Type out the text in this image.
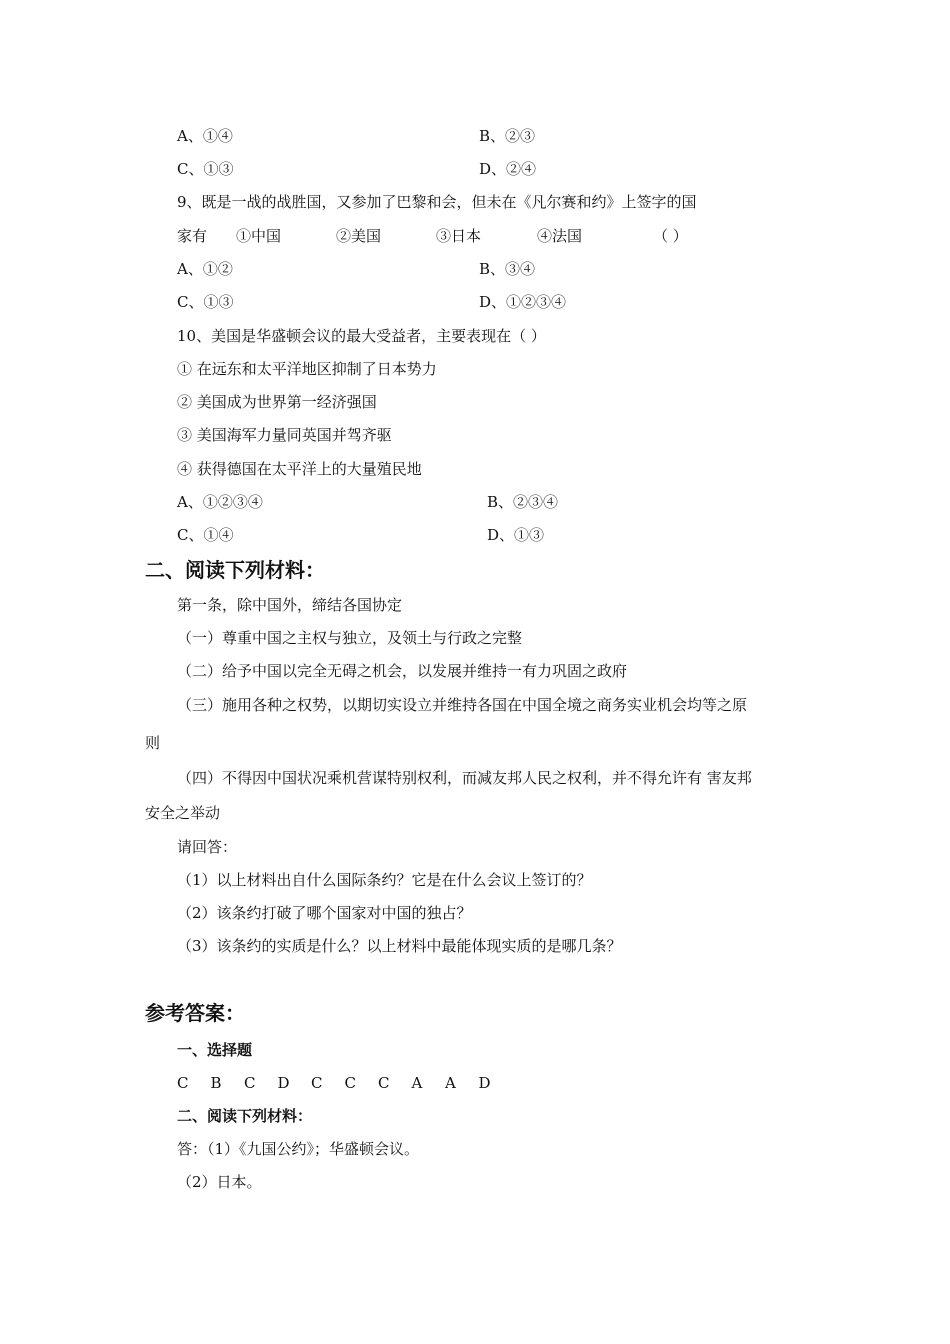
A、①④	B、②③
C、①③	D、②④
9、既是一战的战胜国，又参加了巴黎和会，但未在《凡尔赛和约》上签字的国
家有 ①中国	②美国	③日本	④法国	（ ）
A、①②	B、③④
C、①③	D、①②③④
10、美国是华盛顿会议的最大受益者，主要表现在（ ）
① 在远东和太平洋地区抑制了日本势力
② 美国成为世界第一经济强国
③ 美国海军力量同英国并驾齐驱
④ 获得德国在太平洋上的大量殖民地
A、①②③④	B、②③④
C、①④	D、①③
二、阅读下列材料：
第一条，除中国外，缔结各国协定
（一）尊重中国之主权与独立，及领土与行政之完整
（二）给予中国以完全无碍之机会，以发展并维持一有力巩固之政府
（三）施用各种之权势，以期切实设立并维持各国在中国全境之商务实业机会均等之原
则
（四）不得因中国状况乘机营谋特别权利，而减友邦人民之权利，并不得允许有 害友邦
安全之举动
请回答：
（1）以上材料出自什么国际条约？它是在什么会议上签订的？
（2）该条约打破了哪个国家对中国的独占？
（3）该条约的实质是什么？以上材料中最能体现实质的是哪几条？
参考答案：
一、选择题
C B C D C C C A A D
二、阅读下列材料：
答：（1）《九国公约》；华盛顿会议。
（2）日本。
